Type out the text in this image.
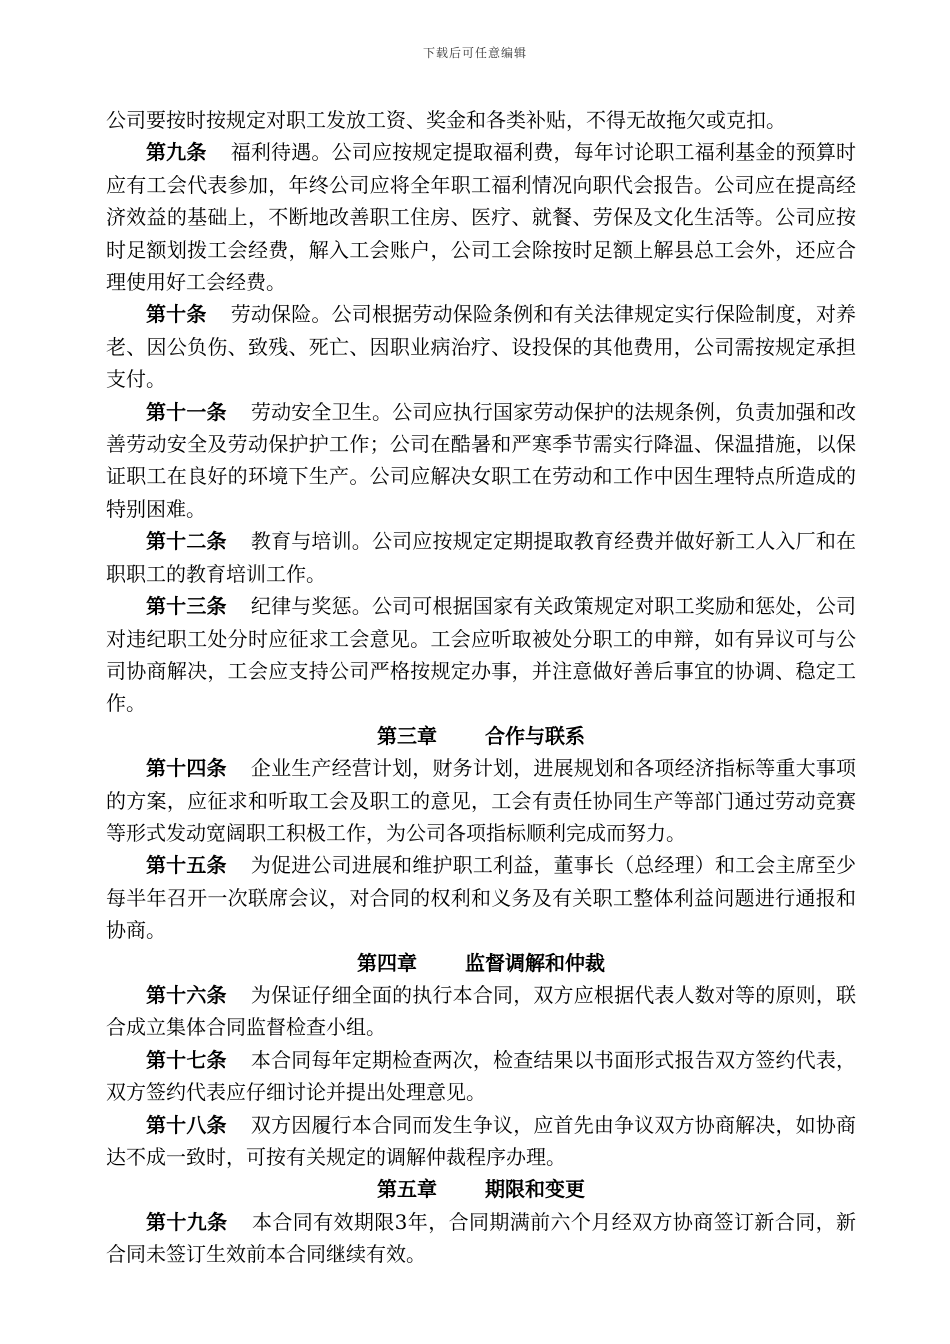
下载后可任意编辑

公司要按时按规定对职工发放工资、奖金和各类补贴，不得无故拖欠或克扣。

第九条 福利待遇。公司应按规定提取福利费，每年讨论职工福利基金的预算时应有工会代表参加，年终公司应将全年职工福利情况向职代会报告。公司应在提高经济效益的基础上，不断地改善职工住房、医疗、就餐、劳保及文化生活等。公司应按时足额划拨工会经费，解入工会账户，公司工会除按时足额上解县总工会外，还应合理使用好工会经费。

第十条 劳动保险。公司根据劳动保险条例和有关法律规定实行保险制度，对养老、因公负伤、致残、死亡、因职业病治疗、设投保的其他费用，公司需按规定承担支付。

第十一条 劳动安全卫生。公司应执行国家劳动保护的法规条例，负责加强和改善劳动安全及劳动保护护工作；公司在酷暑和严寒季节需实行降温、保温措施，以保证职工在良好的环境下生产。公司应解决女职工在劳动和工作中因生理特点所造成的特别困难。

第十二条 教育与培训。公司应按规定定期提取教育经费并做好新工人入厂和在职职工的教育培训工作。

第十三条 纪律与奖惩。公司可根据国家有关政策规定对职工奖励和惩处，公司对违纪职工处分时应征求工会意见。工会应听取被处分职工的申辩，如有异议可与公司协商解决，工会应支持公司严格按规定办事，并注意做好善后事宜的协调、稳定工作。

第三章 合作与联系

第十四条 企业生产经营计划，财务计划，进展规划和各项经济指标等重大事项的方案，应征求和听取工会及职工的意见，工会有责任协同生产等部门通过劳动竞赛等形式发动宽阔职工积极工作，为公司各项指标顺利完成而努力。

第十五条 为促进公司进展和维护职工利益，董事长（总经理）和工会主席至少每半年召开一次联席会议，对合同的权利和义务及有关职工整体利益问题进行通报和协商。

第四章 监督调解和仲裁

第十六条 为保证仔细全面的执行本合同，双方应根据代表人数对等的原则，联合成立集体合同监督检查小组。

第十七条 本合同每年定期检查两次，检查结果以书面形式报告双方签约代表，双方签约代表应仔细讨论并提出处理意见。

第十八条 双方因履行本合同而发生争议，应首先由争议双方协商解决，如协商达不成一致时，可按有关规定的调解仲裁程序办理。

第五章 期限和变更

第十九条 本合同有效期限3年，合同期满前六个月经双方协商签订新合同，新合同未签订生效前本合同继续有效。
